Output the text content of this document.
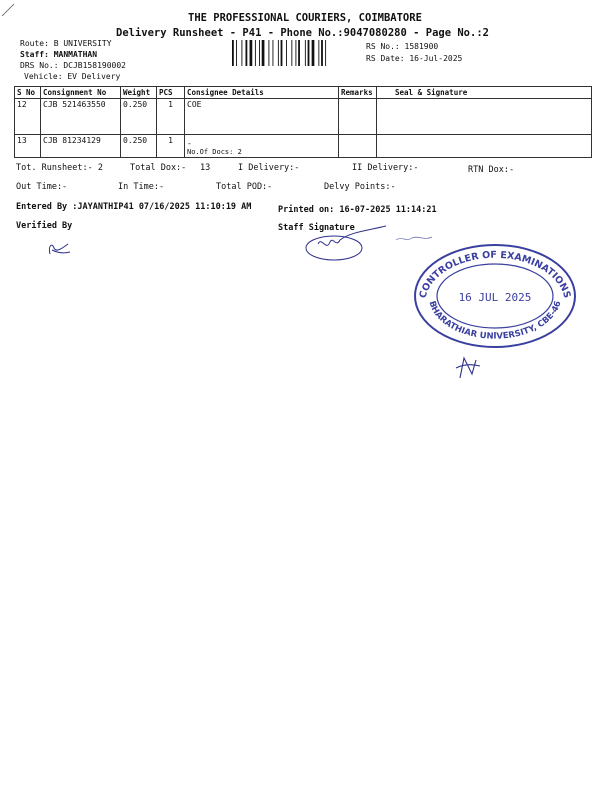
THE PROFESSIONAL COURIERS, COIMBATORE
Delivery Runsheet - P41 - Phone No.:9047080280 - Page No.:2
Route: B UNIVERSITY
Staff: MANMATHAN
DRS No.: DCJB158190002
Vehicle: EV Delivery
RS No.: 1581900
RS Date: 16-Jul-2025
S No	Consignment No	Weight	PCS	Consignee Details	Remarks	Seal & Signature
12	CJB 521463550	0.250	1	COE		
13	CJB 81234129	0.250	1	-
No.Of Docs: 2		

Tot. Runsheet:- 2	Total Dox:- 13	I Delivery:-	II Delivery:-	RTN Dox:-
Out Time:-	In Time:-	Total POD:-	Delvy Points:-
Entered By :JAYANTHIP41 07/16/2025 11:10:19 AM	Printed on: 16-07-2025 11:14:21
Verified By	Staff Signature
CONTROLLER OF EXAMINATIONS
BHARATHIAR UNIVERSITY, CBE-46
16 JUL 2025
